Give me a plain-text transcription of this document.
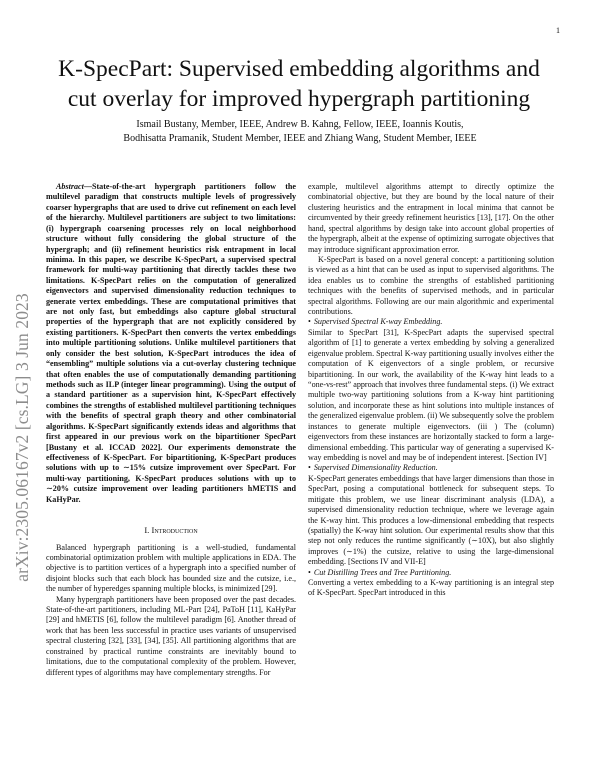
1
arXiv:2305.06167v2 [cs.LG] 3 Jun 2023
K-SpecPart: Supervised embedding algorithms and cut overlay for improved hypergraph partitioning
Ismail Bustany, Member, IEEE, Andrew B. Kahng, Fellow, IEEE, Ioannis Koutis,
Bodhisatta Pramanik, Student Member, IEEE and Zhiang Wang, Student Member, IEEE

Abstract—State-of-the-art hypergraph partitioners follow the multilevel paradigm that constructs multiple levels of progressively coarser hypergraphs that are used to drive cut refinement on each level of the hierarchy. Multilevel partitioners are subject to two limitations: (i) hypergraph coarsening processes rely on local neighborhood structure without fully considering the global structure of the hypergraph; and (ii) refinement heuristics risk entrapment in local minima. In this paper, we describe K-SpecPart, a supervised spectral framework for multi-way partitioning that directly tackles these two limitations. K-SpecPart relies on the computation of generalized eigenvectors and supervised dimensionality reduction techniques to generate vertex embeddings. These are computational primitives that are not only fast, but embeddings also capture global structural properties of the hypergraph that are not explicitly considered by existing partitioners. K-SpecPart then converts the vertex embeddings into multiple partitioning solutions. Unlike multilevel partitioners that only consider the best solution, K-SpecPart introduces the idea of “ensembling” multiple solutions via a cut-overlay clustering technique that often enables the use of computationally demanding partitioning methods such as ILP (integer linear programming). Using the output of a standard partitioner as a supervision hint, K-SpecPart effectively combines the strengths of established multilevel partitioning techniques with the benefits of spectral graph theory and other combinatorial algorithms. K-SpecPart significantly extends ideas and algorithms that first appeared in our previous work on the bipartitioner SpecPart [Bustany et al. ICCAD 2022]. Our experiments demonstrate the effectiveness of K-SpecPart. For bipartitioning, K-SpecPart produces solutions with up to ∼15% cutsize improvement over SpecPart. For multi-way partitioning, K-SpecPart produces solutions with up to ∼20% cutsize improvement over leading partitioners hMETIS and KaHyPar.

I. Introduction

Balanced hypergraph partitioning is a well-studied, fundamental combinatorial optimization problem with multiple applications in EDA. The objective is to partition vertices of a hypergraph into a specified number of disjoint blocks such that each block has bounded size and the cutsize, i.e., the number of hyperedges spanning multiple blocks, is minimized [29].

Many hypergraph partitioners have been proposed over the past decades. State-of-the-art partitioners, including ML-Part [24], PaToH [11], KaHyPar [29] and hMETIS [6], follow the multilevel paradigm [6]. Another thread of work that has been less successful in practice uses variants of unsupervised spectral clustering [32], [33], [34], [35]. All partitioning algorithms that are constrained by practical runtime constraints are inevitably bound to limitations, due to the computational complexity of the problem. However, different types of algorithms may have complementary strengths. For

example, multilevel algorithms attempt to directly optimize the combinatorial objective, but they are bound by the local nature of their clustering heuristics and the entrapment in local minima that cannot be circumvented by their greedy refinement heuristics [13], [17]. On the other hand, spectral algorithms by design take into account global properties of the hypergraph, albeit at the expense of optimizing surrogate objectives that may introduce significant approximation error.

K-SpecPart is based on a novel general concept: a partitioning solution is viewed as a hint that can be used as input to supervised algorithms. The idea enables us to combine the strengths of established partitioning techniques with the benefits of supervised methods, and in particular spectral algorithms. Following are our main algorithmic and experimental contributions.

• Supervised Spectral K-way Embedding.

Similar to SpecPart [31], K-SpecPart adapts the supervised spectral algorithm of [1] to generate a vertex embedding by solving a generalized eigenvalue problem. Spectral K-way partitioning usually involves either the computation of K eigenvectors of a single problem, or recursive bipartitioning. In our work, the availability of the K-way hint leads to a “one-vs-rest” approach that involves three fundamental steps. (i) We extract multiple two-way partitioning solutions from a K-way hint partitioning solution, and incorporate these as hint solutions into multiple instances of the generalized eigenvalue problem. (ii) We subsequently solve the problem instances to generate multiple eigenvectors. (iii ) The (column) eigenvectors from these instances are horizontally stacked to form a large-dimensional embedding. This particular way of generating a supervised K-way embedding is novel and may be of independent interest. [Section IV]

• Supervised Dimensionality Reduction.

K-SpecPart generates embeddings that have larger dimensions than those in SpecPart, posing a computational bottleneck for subsequent steps. To mitigate this problem, we use linear discriminant analysis (LDA), a supervised dimensionality reduction technique, where we leverage again the K-way hint. This produces a low-dimensional embedding that respects (spatially) the K-way hint solution. Our experimental results show that this step not only reduces the runtime significantly (∼10X), but also slightly improves (∼1%) the cutsize, relative to using the large-dimensional embedding. [Sections IV and VII-E]

• Cut Distilling Trees and Tree Partitioning.

Converting a vertex embedding to a K-way partitioning is an integral step of K-SpecPart. SpecPart introduced in this
